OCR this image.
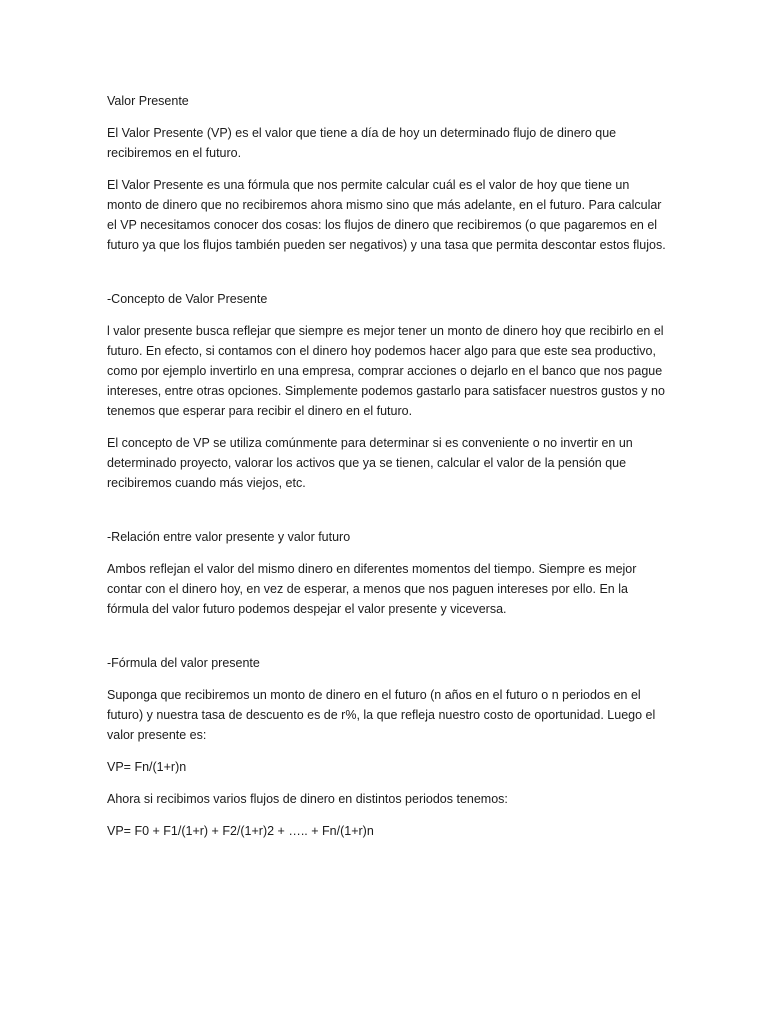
Valor Presente

El Valor Presente (VP) es el valor que tiene a día de hoy un determinado flujo de dinero que recibiremos en el futuro.

El Valor Presente es una fórmula que nos permite calcular cuál es el valor de hoy que tiene un monto de dinero que no recibiremos ahora mismo sino que más adelante, en el futuro. Para calcular el VP necesitamos conocer dos cosas: los flujos de dinero que recibiremos (o que pagaremos en el futuro ya que los flujos también pueden ser negativos) y una tasa que permita descontar estos flujos.

-Concepto de Valor Presente

l valor presente busca reflejar que siempre es mejor tener un monto de dinero hoy que recibirlo en el futuro. En efecto, si contamos con el dinero hoy podemos hacer algo para que este sea productivo, como por ejemplo invertirlo en una empresa, comprar acciones o dejarlo en el banco que nos pague intereses, entre otras opciones. Simplemente podemos gastarlo para satisfacer nuestros gustos y no tenemos que esperar para recibir el dinero en el futuro.

El concepto de VP se utiliza comúnmente para determinar si es conveniente o no invertir en un determinado proyecto, valorar los activos que ya se tienen, calcular el valor de la pensión que recibiremos cuando más viejos, etc.

-Relación entre valor presente y valor futuro

Ambos reflejan el valor del mismo dinero en diferentes momentos del tiempo. Siempre es mejor contar con el dinero hoy, en vez de esperar, a menos que nos paguen intereses por ello. En la fórmula del valor futuro podemos despejar el valor presente y viceversa.

-Fórmula del valor presente

Suponga que recibiremos un monto de dinero en el futuro (n años en el futuro o n periodos en el futuro) y nuestra tasa de descuento es de r%, la que refleja nuestro costo de oportunidad. Luego el valor presente es:

VP= Fn/(1+r)n

Ahora si recibimos varios flujos de dinero en distintos periodos tenemos:

VP= F0 + F1/(1+r) + F2/(1+r)2 + ….. + Fn/(1+r)n
